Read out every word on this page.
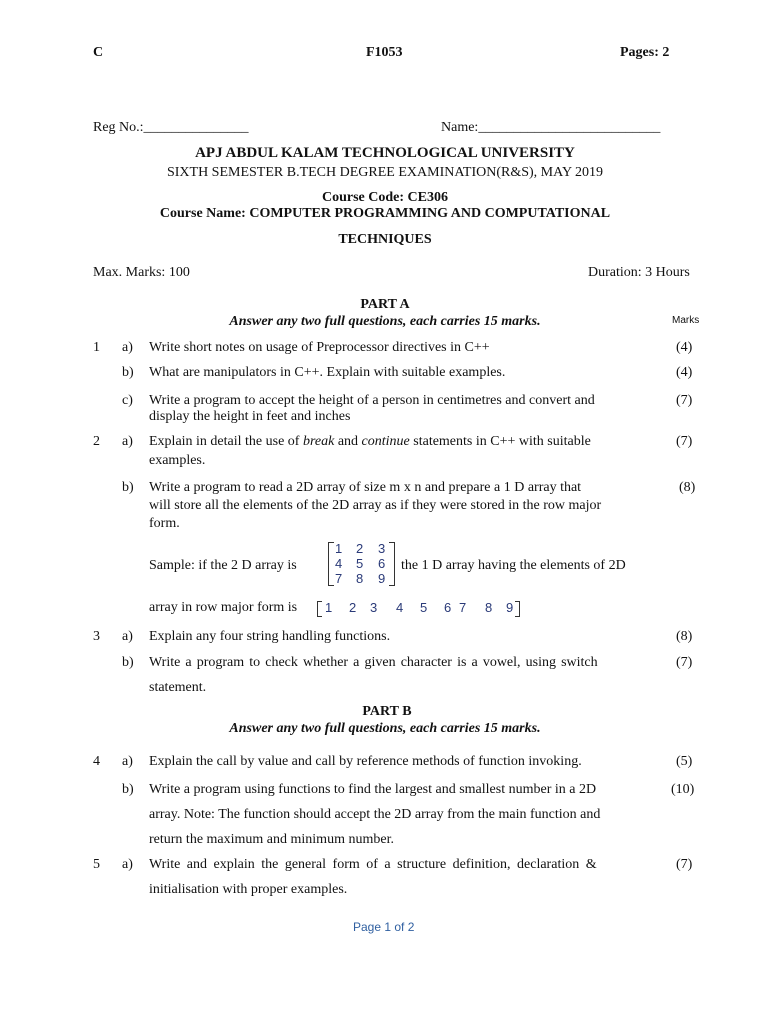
C	F1053	Pages: 2
Reg No.:_______________	Name:__________________________
APJ ABDUL KALAM TECHNOLOGICAL UNIVERSITY
SIXTH SEMESTER B.TECH DEGREE EXAMINATION(R&S), MAY 2019
Course Code: CE306
Course Name: COMPUTER PROGRAMMING AND COMPUTATIONAL
TECHNIQUES
Max. Marks: 100	Duration: 3 Hours
PART A
Answer any two full questions, each carries 15 marks.	Marks
1 a) Write short notes on usage of Preprocessor directives in C++	(4)
b) What are manipulators in C++. Explain with suitable examples.	(4)
c) Write a program to accept the height of a person in centimetres and convert and
display the height in feet and inches
(7)
2 a) Explain in detail the use of break and continue statements in C++ with suitable
examples.
(7)
b) Write a program to read a 2D array of size m x n and prepare a 1 D array that
will store all the elements of the 2D array as if they were stored in the row major
form.
(8)
Sample: if the 2 D array is
1 2 3
4 5 6
7 8 9
the 1 D array having the elements of 2D
array in row major form is 1 2 3 4 5 6 7 8 9
3 a) Explain any four string handling functions.	(8)
b) Write a program to check whether a given character is a vowel, using switch
statement.
(7)
PART B
Answer any two full questions, each carries 15 marks.
4 a) Explain the call by value and call by reference methods of function invoking.	(5)
b) Write a program using functions to find the largest and smallest number in a 2D
array. Note: The function should accept the 2D array from the main function and
return the maximum and minimum number.
(10)
5 a) Write and explain the general form of a structure definition, declaration &
initialisation with proper examples.
(7)
Page 1 of 2
